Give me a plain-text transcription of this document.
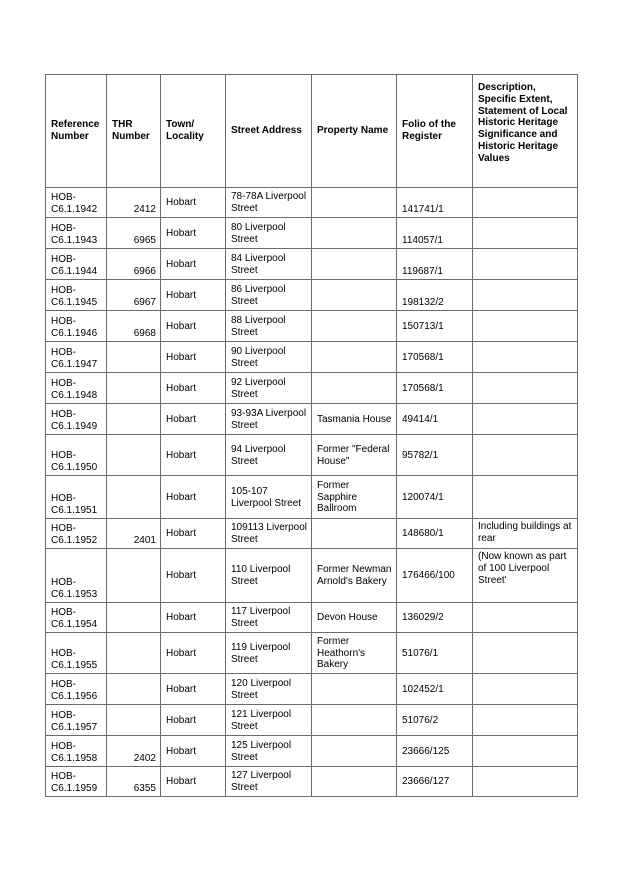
Reference Number	THR Number	Town/ Locality	Street Address	Property Name	Folio of the Register	Description, Specific Extent, Statement of Local Historic Heritage Significance and Historic Heritage Values
HOB-C6.1.1942	2412	Hobart	78-78A Liverpool Street		141741/1	
HOB-C6.1.1943	6965	Hobart	80 Liverpool Street		114057/1	
HOB-C6.1.1944	6966	Hobart	84 Liverpool Street		119687/1	
HOB-C6.1.1945	6967	Hobart	86 Liverpool Street		198132/2	
HOB-C6.1.1946	6968	Hobart	88 Liverpool Street		150713/1	
HOB-C6.1.1947		Hobart	90 Liverpool Street		170568/1	
HOB-C6.1.1948		Hobart	92 Liverpool Street		170568/1	
HOB-C6.1.1949		Hobart	93-93A Liverpool Street	Tasmania House	49414/1	
HOB-C6.1.1950		Hobart	94 Liverpool Street	Former "Federal House"	95782/1	
HOB-C6.1.1951		Hobart	105-107 Liverpool Street	Former Sapphire Ballroom	120074/1	
HOB-C6.1.1952	2401	Hobart	109113 Liverpool Street		148680/1	Including buildings at rear
HOB-C6.1.1953		Hobart	110 Liverpool Street	Former Newman Arnold's Bakery	176466/100	(Now known as part of 100 Liverpool Street'
HOB-C6.1.1954		Hobart	117 Liverpool Street	Devon House	136029/2	
HOB-C6.1.1955		Hobart	119 Liverpool Street	Former Heathorn's Bakery	51076/1	
HOB-C6.1.1956		Hobart	120 Liverpool Street		102452/1	
HOB-C6.1.1957		Hobart	121 Liverpool Street		51076/2	
HOB-C6.1.1958	2402	Hobart	125 Liverpool Street		23666/125	
HOB-C6.1.1959	6355	Hobart	127 Liverpool Street		23666/127	
